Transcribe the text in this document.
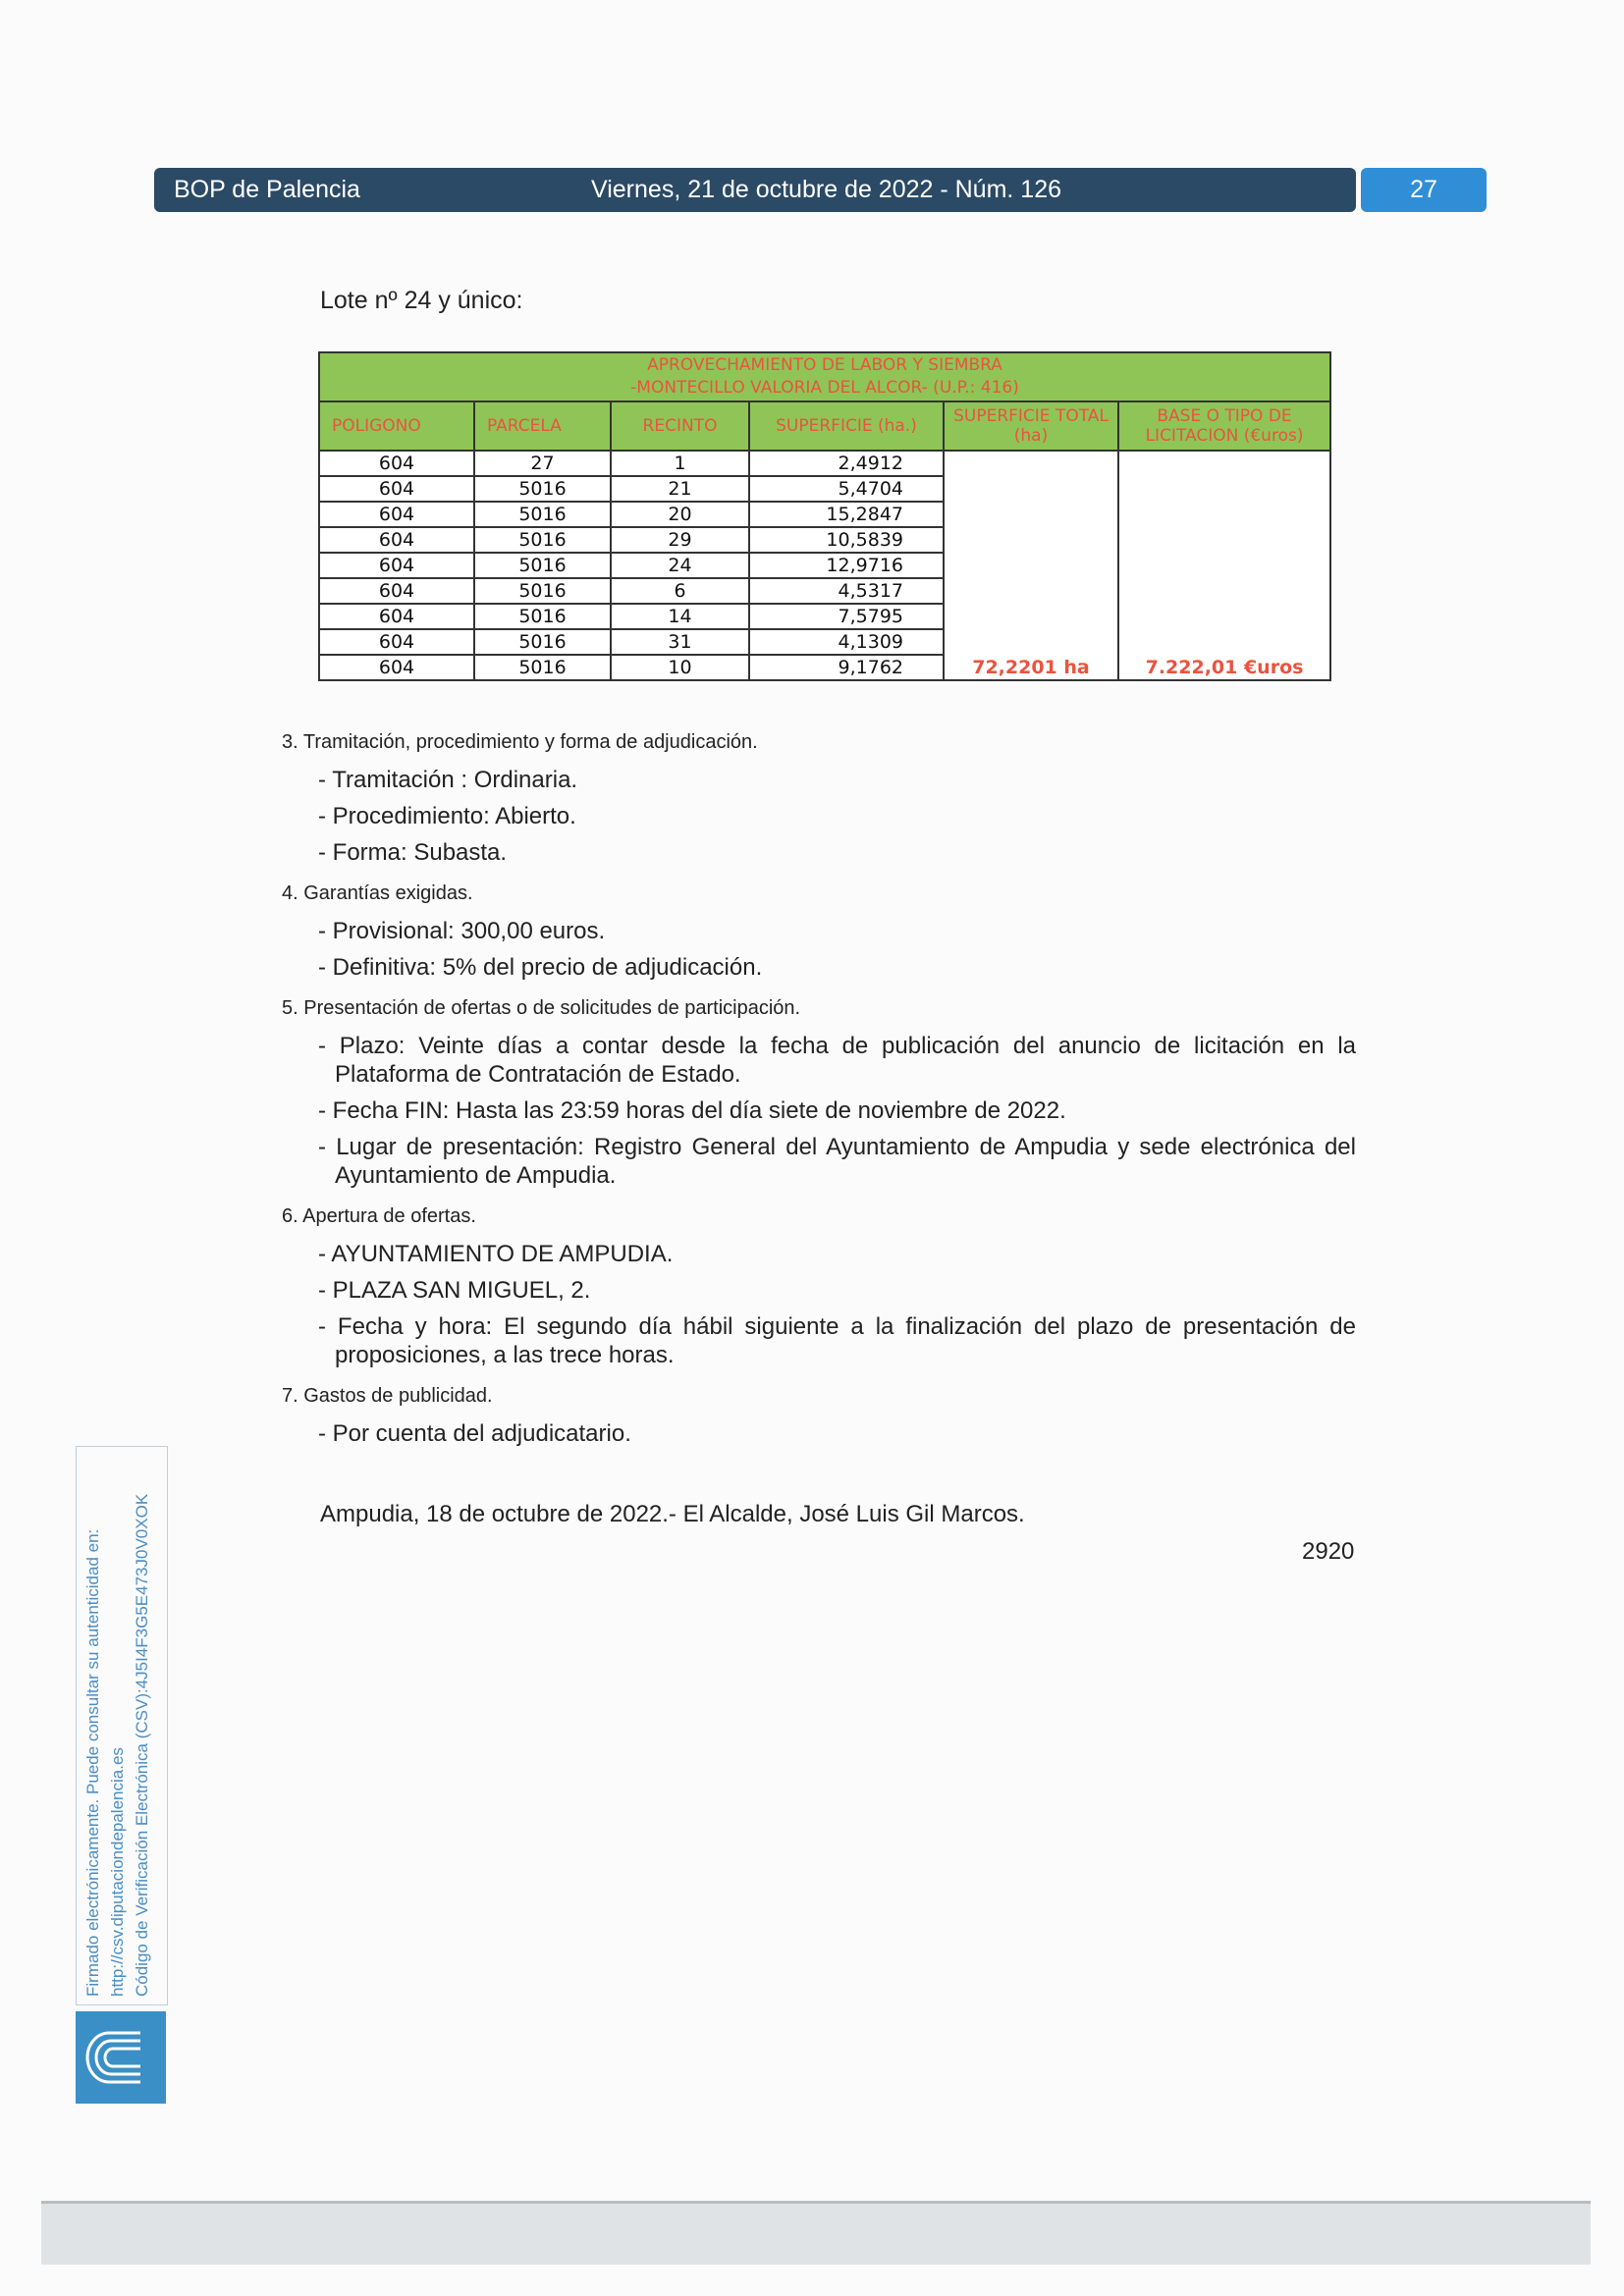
BOP de Palencia	Viernes, 21 de octubre de 2022 - Núm. 126	27
Lote nº 24 y único:
APROVECHAMIENTO DE LABOR Y SIEMBRA
-MONTECILLO VALORIA DEL ALCOR- (U.P.: 416)					
POLIGONO	PARCELA	RECINTO	SUPERFICIE (ha.)	SUPERFICIE TOTAL (ha)	BASE O TIPO DE LICITACION (€uros)
604	27	1	2,4912	72,2201 ha	7.222,01 €uros
604	5016	21	5,4704		
604	5016	20	15,2847		
604	5016	29	10,5839		
604	5016	24	12,9716		
604	5016	6	4,5317		
604	5016	14	7,5795		
604	5016	31	4,1309		
604	5016	10	9,1762		
3. Tramitación, procedimiento y forma de adjudicación.
- Tramitación : Ordinaria.
- Procedimiento: Abierto.
- Forma: Subasta.
4. Garantías exigidas.
- Provisional: 300,00 euros.
- Definitiva: 5% del precio de adjudicación.
5. Presentación de ofertas o de solicitudes de participación.
- Plazo: Veinte días a contar desde la fecha de publicación del anuncio de licitación en la Plataforma de Contratación de Estado.
- Fecha FIN: Hasta las 23:59 horas del día siete de noviembre de 2022.
- Lugar de presentación: Registro General del Ayuntamiento de Ampudia y sede electrónica del Ayuntamiento de Ampudia.
6. Apertura de ofertas.
- AYUNTAMIENTO DE AMPUDIA.
- PLAZA SAN MIGUEL, 2.
- Fecha y hora: El segundo día hábil siguiente a la finalización del plazo de presentación de proposiciones, a las trece horas.
7. Gastos de publicidad.
- Por cuenta del adjudicatario.
Ampudia, 18 de octubre de 2022.- El Alcalde, José Luis Gil Marcos.
2920
Firmado electrónicamente. Puede consultar su autenticidad en: http://csv.diputaciondepalencia.es Código de Verificación Electrónica (CSV):4J5I4F3G5E473J0V0XOK
